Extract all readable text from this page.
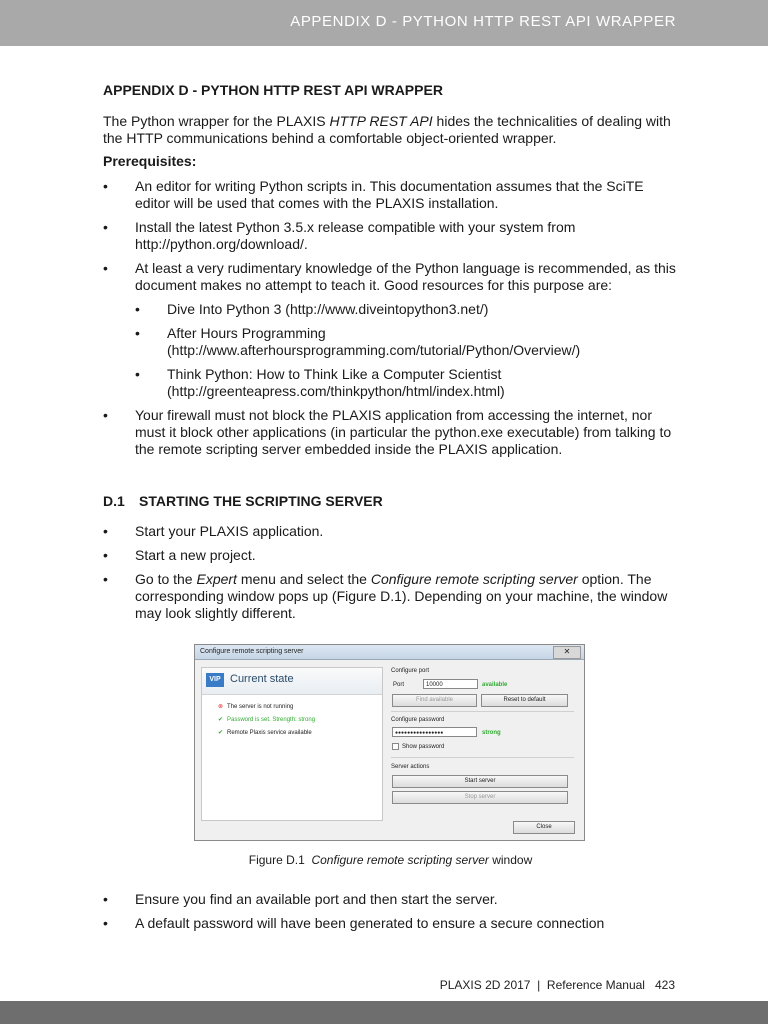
APPENDIX D - PYTHON HTTP REST API WRAPPER
APPENDIX D - PYTHON HTTP REST API WRAPPER
The Python wrapper for the PLAXIS HTTP REST API hides the technicalities of dealing with the HTTP communications behind a comfortable object-oriented wrapper.
Prerequisites:
• An editor for writing Python scripts in. This documentation assumes that the SciTE editor will be used that comes with the PLAXIS installation.
• Install the latest Python 3.5.x release compatible with your system from http://python.org/download/.
• At least a very rudimentary knowledge of the Python language is recommended, as this document makes no attempt to teach it. Good resources for this purpose are:
• Dive Into Python 3 (http://www.diveintopython3.net/)
• After Hours Programming (http://www.afterhoursprogramming.com/tutorial/Python/Overview/)
• Think Python: How to Think Like a Computer Scientist (http://greenteapress.com/thinkpython/html/index.html)
• Your firewall must not block the PLAXIS application from accessing the internet, nor must it block other applications (in particular the python.exe executable) from talking to the remote scripting server embedded inside the PLAXIS application.
D.1 STARTING THE SCRIPTING SERVER
• Start your PLAXIS application.
• Start a new project.
• Go to the Expert menu and select the Configure remote scripting server option. The corresponding window pops up (Figure D.1). Depending on your machine, the window may look slightly different.
Configure remote scripting server	✕
VIP Current state
⊗ The server is not running
✔ Password is set. Strength: strong
✔ Remote Plaxis service available
Configure port
Port	10000	available
Find available	Reset to default
Configure password
●●●●●●●●●●●●●●●●	strong
Show password
Server actions
Start server
Stop server
Close
Figure D.1 Configure remote scripting server window
• Ensure you find an available port and then start the server.
• A default password will have been generated to ensure a secure connection
PLAXIS 2D 2017  |  Reference Manual   423
